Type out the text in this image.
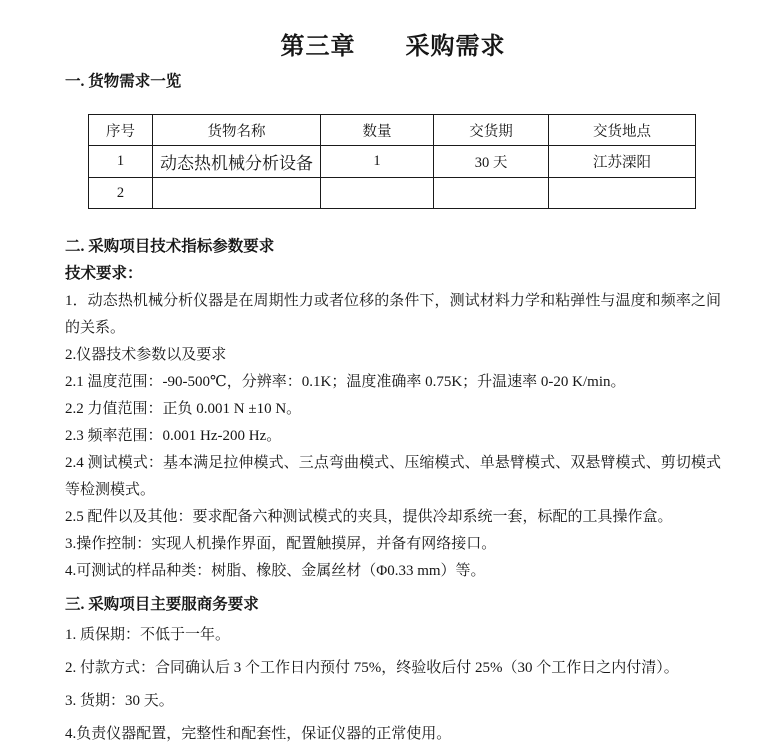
第三章　　采购需求
一. 货物需求一览
序号	货物名称	数量	交货期	交货地点
1	动态热机械分析设备	1	30 天	江苏溧阳
2				
二. 采购项目技术指标参数要求
技术要求：

1．动态热机械分析仪器是在周期性力或者位移的条件下，测试材料力学和粘弹性与温度和频率之间的关系。

2.仪器技术参数以及要求

2.1 温度范围：-90-500℃，分辨率：0.1K；温度准确率 0.75K；升温速率 0-20 K/min。

2.2 力值范围：正负 0.001 N ±10 N。

2.3 频率范围：0.001 Hz-200 Hz。

2.4 测试模式：基本满足拉伸模式、三点弯曲模式、压缩模式、单悬臂模式、双悬臂模式、剪切模式等检测模式。

2.5 配件以及其他：要求配备六种测试模式的夹具，提供冷却系统一套，标配的工具操作盒。

3.操作控制：实现人机操作界面，配置触摸屏，并备有网络接口。

4.可测试的样品种类：树脂、橡胶、金属丝材（Φ0.33 mm）等。

三. 采购项目主要服商务要求

1. 质保期：不低于一年。

2. 付款方式：合同确认后 3 个工作日内预付 75%，终验收后付 25%（30 个工作日之内付清）。

3. 货期：30 天。

4.负责仪器配置，完整性和配套性，保证仪器的正常使用。
